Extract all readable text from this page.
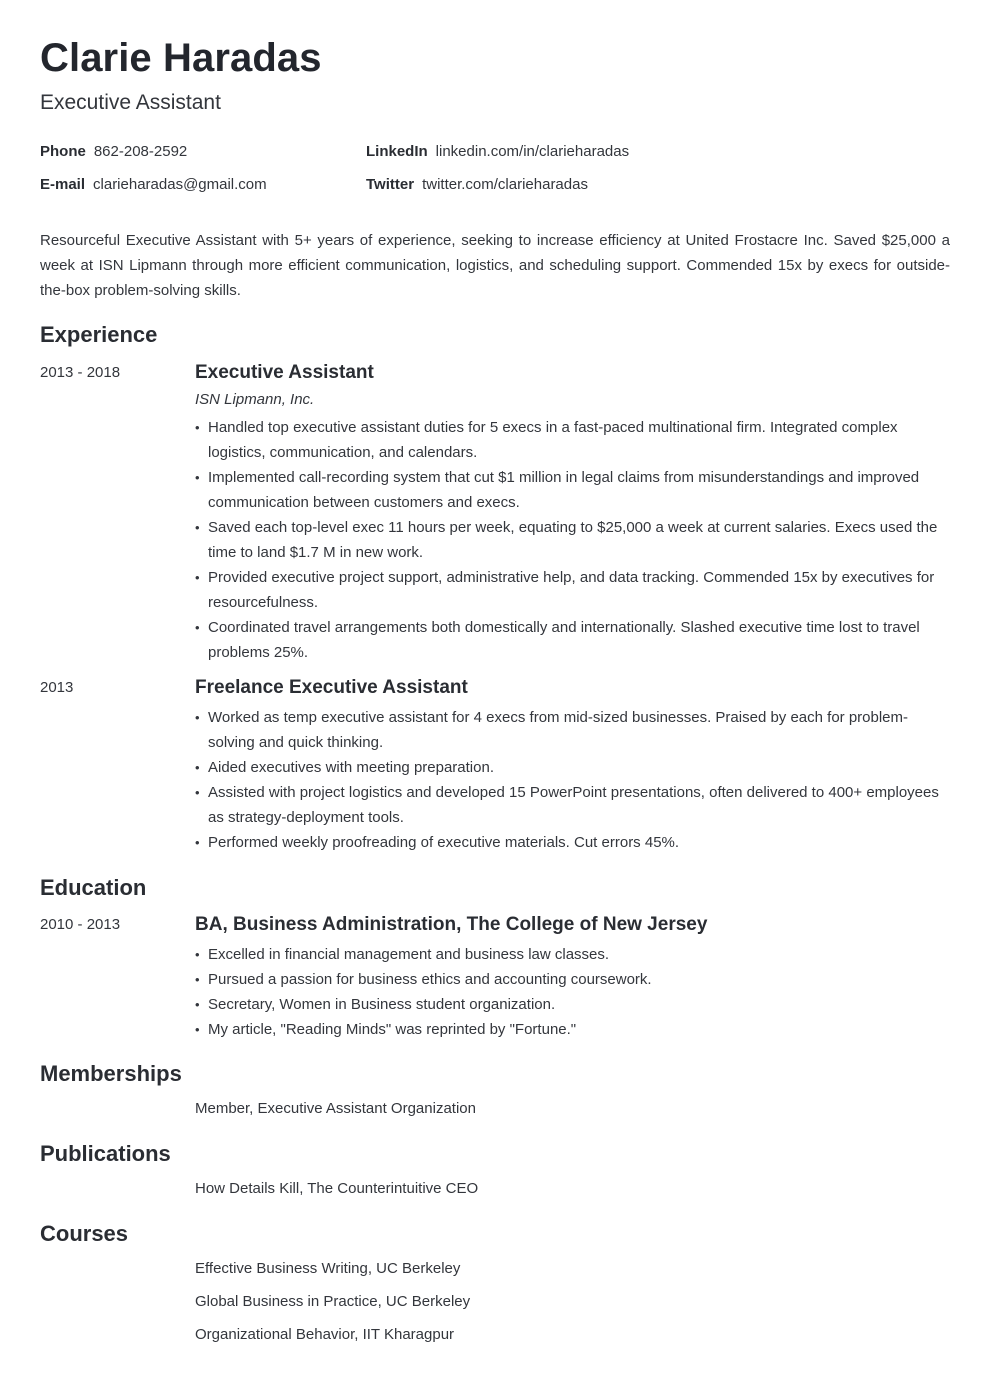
Clarie Haradas
Executive Assistant
Phone 862-208-2592	LinkedIn linkedin.com/in/clarieharadas
E-mail clarieharadas@gmail.com	Twitter twitter.com/clarieharadas

Resourceful Executive Assistant with 5+ years of experience, seeking to increase efficiency at United Frostacre Inc. Saved $25,000 a week at ISN Lipmann through more efficient communication, logistics, and scheduling support. Commended 15x by execs for outside-the-box problem-solving skills.

Experience
2013 - 2018	Executive Assistant
ISN Lipmann, Inc.
• Handled top executive assistant duties for 5 execs in a fast-paced multinational firm. Integrated complex logistics, communication, and calendars.
• Implemented call-recording system that cut $1 million in legal claims from misunderstandings and improved communication between customers and execs.
• Saved each top-level exec 11 hours per week, equating to $25,000 a week at current salaries. Execs used the time to land $1.7 M in new work.
• Provided executive project support, administrative help, and data tracking. Commended 15x by executives for resourcefulness.
• Coordinated travel arrangements both domestically and internationally. Slashed executive time lost to travel problems 25%.
2013	Freelance Executive Assistant
• Worked as temp executive assistant for 4 execs from mid-sized businesses. Praised by each for problem-solving and quick thinking.
• Aided executives with meeting preparation.
• Assisted with project logistics and developed 15 PowerPoint presentations, often delivered to 400+ employees as strategy-deployment tools.
• Performed weekly proofreading of executive materials. Cut errors 45%.
Education
2010 - 2013	BA, Business Administration, The College of New Jersey
• Excelled in financial management and business law classes.
• Pursued a passion for business ethics and accounting coursework.
• Secretary, Women in Business student organization.
• My article, "Reading Minds" was reprinted by "Fortune."
Memberships
Member, Executive Assistant Organization
Publications
How Details Kill, The Counterintuitive CEO
Courses
Effective Business Writing, UC Berkeley
Global Business in Practice, UC Berkeley
Organizational Behavior, IIT Kharagpur
